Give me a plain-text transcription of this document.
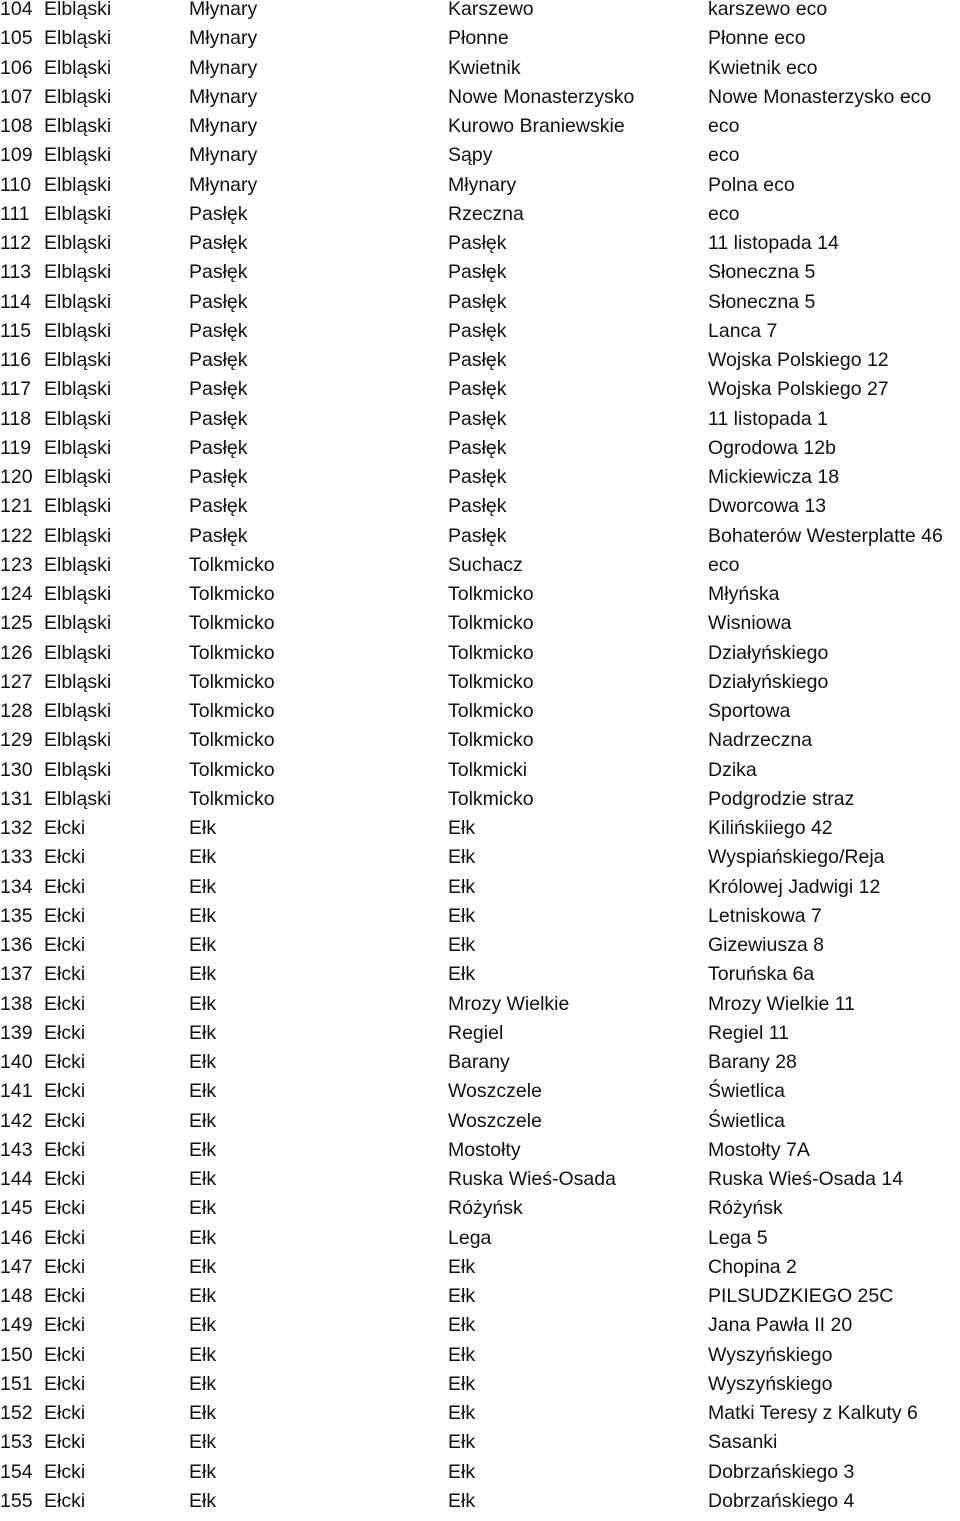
104 Elbląski	Młynary	Karszewo	karszewo eco
105 Elbląski	Młynary	Płonne	Płonne eco
106 Elbląski	Młynary	Kwietnik	Kwietnik eco
107 Elbląski	Młynary	Nowe Monasterzysko	Nowe Monasterzysko eco
108 Elbląski	Młynary	Kurowo Braniewskie	eco
109 Elbląski	Młynary	Sąpy	eco
110 Elbląski	Młynary	Młynary	Polna eco
111 Elbląski	Pasłęk	Rzeczna	eco
112 Elbląski	Pasłęk	Pasłęk	11 listopada 14
113 Elbląski	Pasłęk	Pasłęk	Słoneczna 5
114 Elbląski	Pasłęk	Pasłęk	Słoneczna 5
115 Elbląski	Pasłęk	Pasłęk	Lanca 7
116 Elbląski	Pasłęk	Pasłęk	Wojska Polskiego 12
117 Elbląski	Pasłęk	Pasłęk	Wojska Polskiego 27
118 Elbląski	Pasłęk	Pasłęk	11 listopada 1
119 Elbląski	Pasłęk	Pasłęk	Ogrodowa 12b
120 Elbląski	Pasłęk	Pasłęk	Mickiewicza 18
121 Elbląski	Pasłęk	Pasłęk	Dworcowa 13
122 Elbląski	Pasłęk	Pasłęk	Bohaterów Westerplatte 46
123 Elbląski	Tolkmicko	Suchacz	eco
124 Elbląski	Tolkmicko	Tolkmicko	Młyńska
125 Elbląski	Tolkmicko	Tolkmicko	Wisniowa
126 Elbląski	Tolkmicko	Tolkmicko	Działyńskiego
127 Elbląski	Tolkmicko	Tolkmicko	Działyńskiego
128 Elbląski	Tolkmicko	Tolkmicko	Sportowa
129 Elbląski	Tolkmicko	Tolkmicko	Nadrzeczna
130 Elbląski	Tolkmicko	Tolkmicki	Dzika
131 Elbląski	Tolkmicko	Tolkmicko	Podgrodzie straz
132 Ełcki	Ełk	Ełk	Kilińskiiego 42
133 Ełcki	Ełk	Ełk	Wyspiańskiego/Reja
134 Ełcki	Ełk	Ełk	Królowej Jadwigi 12
135 Ełcki	Ełk	Ełk	Letniskowa 7
136 Ełcki	Ełk	Ełk	Gizewiusza 8
137 Ełcki	Ełk	Ełk	Toruńska 6a
138 Ełcki	Ełk	Mrozy Wielkie	Mrozy Wielkie 11
139 Ełcki	Ełk	Regiel	Regiel 11
140 Ełcki	Ełk	Barany	Barany 28
141 Ełcki	Ełk	Woszczele	Świetlica
142 Ełcki	Ełk	Woszczele	Świetlica
143 Ełcki	Ełk	Mostołty	Mostołty 7A
144 Ełcki	Ełk	Ruska Wieś-Osada	Ruska Wieś-Osada 14
145 Ełcki	Ełk	Różyńsk	Różyńsk
146 Ełcki	Ełk	Lega	Lega 5
147 Ełcki	Ełk	Ełk	Chopina 2
148 Ełcki	Ełk	Ełk	PILSUDZKIEGO 25C
149 Ełcki	Ełk	Ełk	Jana Pawła II 20
150 Ełcki	Ełk	Ełk	Wyszyńskiego
151 Ełcki	Ełk	Ełk	Wyszyńskiego
152 Ełcki	Ełk	Ełk	Matki Teresy z Kalkuty 6
153 Ełcki	Ełk	Ełk	Sasanki
154 Ełcki	Ełk	Ełk	Dobrzańskiego 3
155 Ełcki	Ełk	Ełk	Dobrzańskiego 4
